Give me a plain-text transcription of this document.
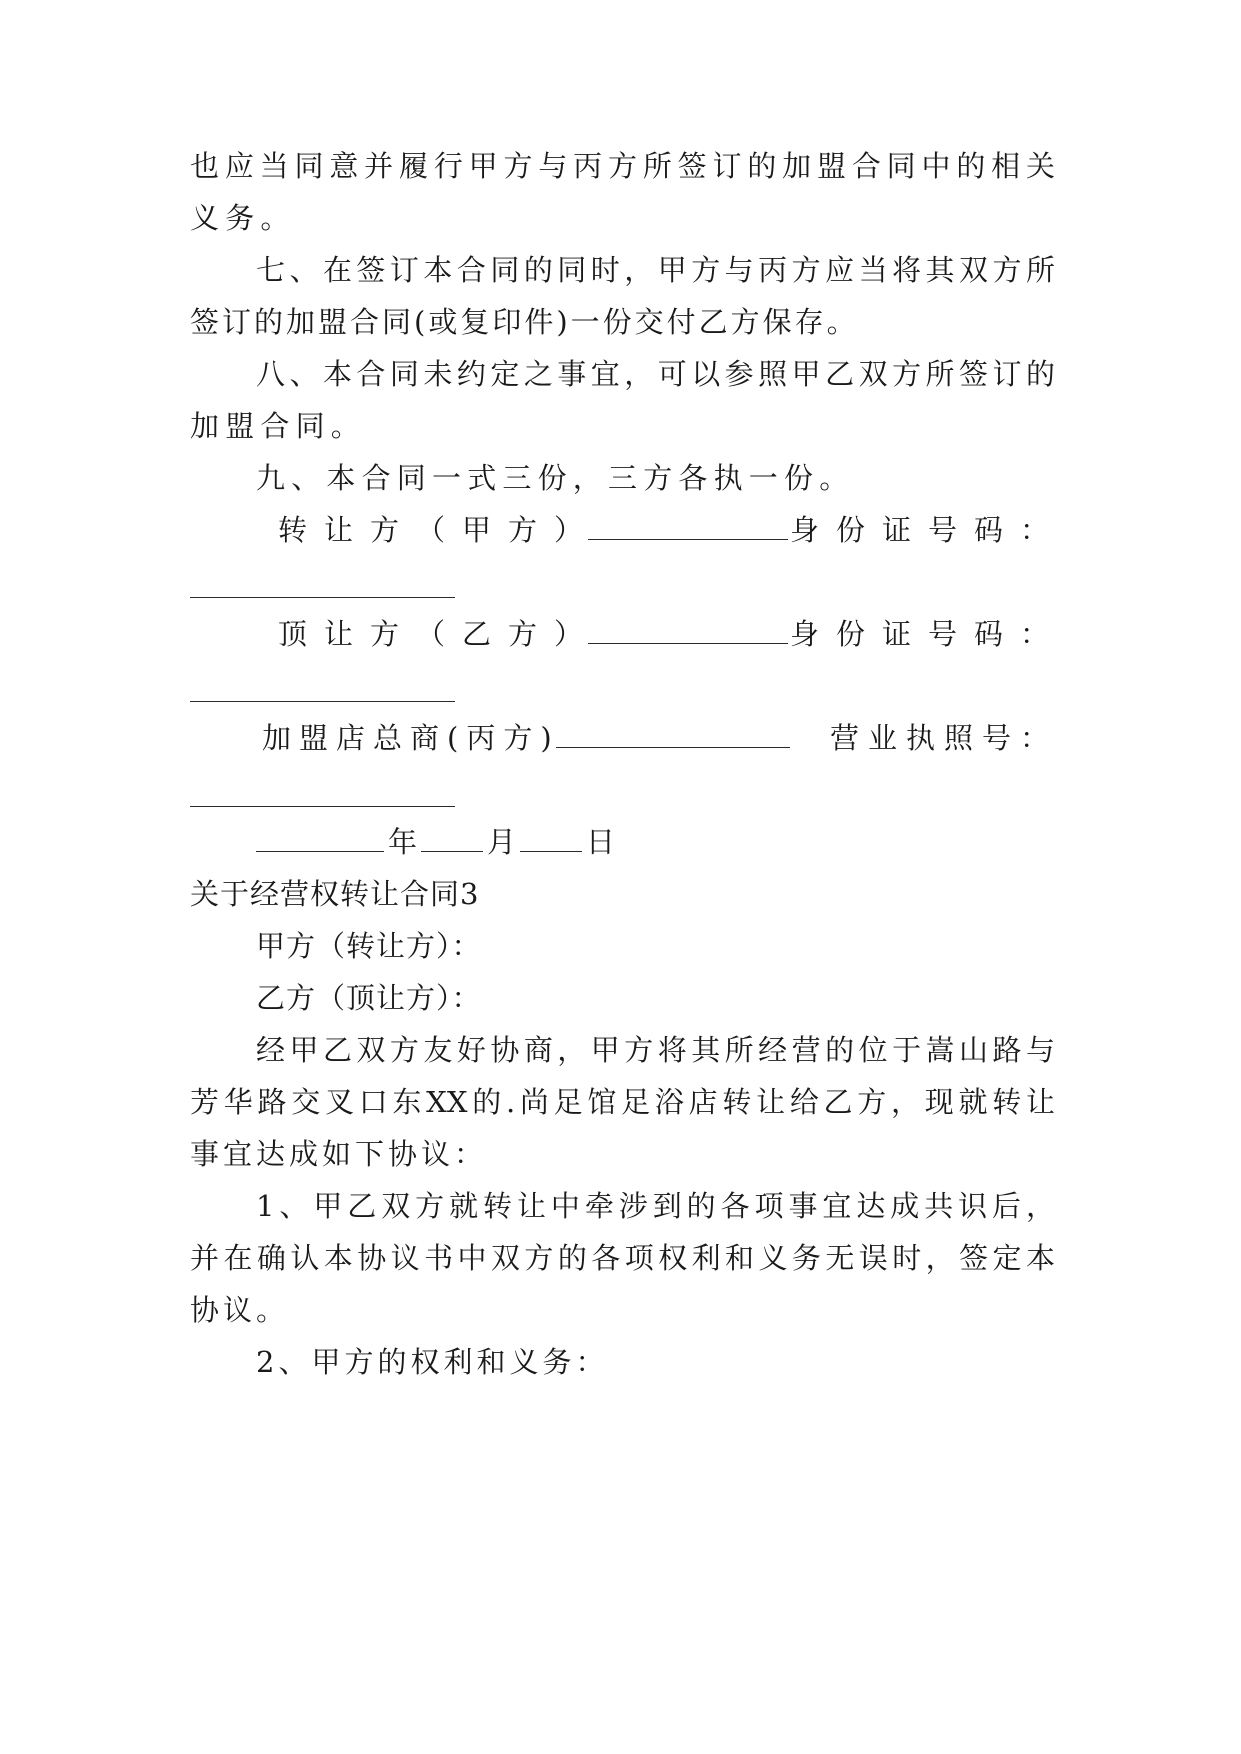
也应当同意并履行甲方与丙方所签订的加盟合同中的相关
义务。
七、在签订本合同的同时，甲方与丙方应当将其双方所
签订的加盟合同(或复印件)一份交付乙方保存。
八、本合同未约定之事宜，可以参照甲乙双方所签订的
加盟合同。
九、本合同一式三份，三方各执一份。
转让方（甲方）	身份证号码：
顶让方（乙方）	身份证号码：
加盟店总商(丙方)	营业执照号：
年 月 日
关于经营权转让合同3
甲方（转让方）：
乙方（顶让方）：
经甲乙双方友好协商，甲方将其所经营的位于嵩山路与
芳华路交叉口东XX的.尚足馆足浴店转让给乙方，现就转让
事宜达成如下协议：
1、甲乙双方就转让中牵涉到的各项事宜达成共识后，
并在确认本协议书中双方的各项权利和义务无误时，签定本
协议。
2、甲方的权利和义务：
